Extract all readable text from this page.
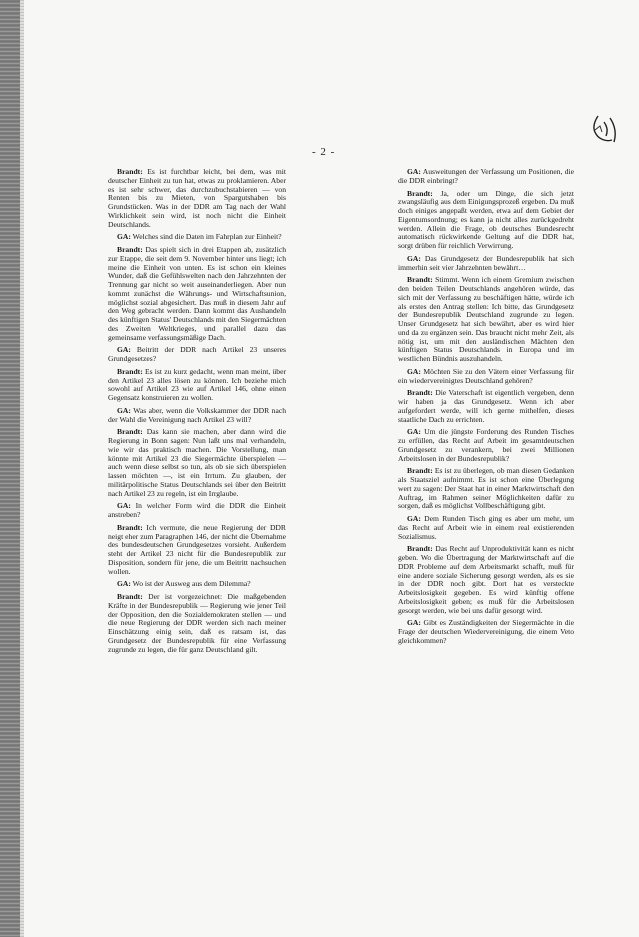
- 2 -

Brandt: Es ist furchtbar leicht, bei dem, was mit deutscher Einheit zu tun hat, etwas zu proklamieren. Aber es ist sehr schwer, das durchzubuchstabieren — von Renten bis zu Mieten, von Spargutshaben bis Grundstücken. Was in der DDR am Tag nach der Wahl Wirklichkeit sein wird, ist noch nicht die Einheit Deutschlands.

GA: Welches sind die Daten im Fahrplan zur Einheit?

Brandt: Das spielt sich in drei Etappen ab, zusätzlich zur Etappe, die seit dem 9. November hinter uns liegt; ich meine die Einheit von unten. Es ist schon ein kleines Wunder, daß die Gefühlswelten nach den Jahrzehnten der Trennung gar nicht so weit auseinanderliegen. Aber nun kommt zunächst die Währungs- und Wirtschaftsunion, möglichst sozial abgesichert. Das muß in diesem Jahr auf den Weg gebracht werden. Dann kommt das Aushandeln des künftigen Status' Deutschlands mit den Siegermächten des Zweiten Weltkrieges, und parallel dazu das gemeinsame verfassungsmäßige Dach.

GA: Beitritt der DDR nach Artikel 23 unseres Grundgesetzes?

Brandt: Es ist zu kurz gedacht, wenn man meint, über den Artikel 23 alles lösen zu können. Ich beziehe mich sowohl auf Artikel 23 wie auf Artikel 146, ohne einen Gegensatz konstruieren zu wollen.

GA: Was aber, wenn die Volkskammer der DDR nach der Wahl die Vereinigung nach Artikel 23 will?

Brandt: Das kann sie machen, aber dann wird die Regierung in Bonn sagen: Nun laßt uns mal verhandeln, wie wir das praktisch machen. Die Vorstellung, man könnte mit Artikel 23 die Siegermächte überspielen — auch wenn diese selbst so tun, als ob sie sich überspielen lassen möchten —, ist ein Irrtum. Zu glauben, der militärpolitische Status Deutschlands sei über den Beitritt nach Artikel 23 zu regeln, ist ein Irrglaube.

GA: In welcher Form wird die DDR die Einheit anstreben?

Brandt: Ich vermute, die neue Regierung der DDR neigt eher zum Paragraphen 146, der nicht die Übernahme des bundesdeutschen Grundgesetzes vorsieht. Außerdem steht der Artikel 23 nicht für die Bundesrepublik zur Disposition, sondern für jene, die um Beitritt nachsuchen wollen.

GA: Wo ist der Ausweg aus dem Dilemma?

Brandt: Der ist vorgezeichnet: Die maßgebenden Kräfte in der Bundesrepublik — Regierung wie jener Teil der Opposition, den die Sozialdemokraten stellen — und die neue Regierung der DDR werden sich nach meiner Einschätzung einig sein, daß es ratsam ist, das Grundgesetz der Bundesrepublik für eine Verfassung zugrunde zu legen, die für ganz Deutschland gilt.

GA: Ausweitungen der Verfassung um Positionen, die die DDR einbringt?

Brandt: Ja, oder um Dinge, die sich jetzt zwangsläufig aus dem Einigungsprozeß ergeben. Da muß doch einiges angepaßt werden, etwa auf dem Gebiet der Eigentumsordnung; es kann ja nicht alles zurückgedreht werden. Allein die Frage, ob deutsches Bundesrecht automatisch rückwirkende Geltung auf die DDR hat, sorgt drüben für reichlich Verwirrung.

GA: Das Grundgesetz der Bundesrepublik hat sich immerhin seit vier Jahrzehnten bewährt…

Brandt: Stimmt. Wenn ich einem Gremium zwischen den beiden Teilen Deutschlands angehören würde, das sich mit der Verfassung zu beschäftigen hätte, würde ich als erstes den Antrag stellen: Ich bitte, das Grundgesetz der Bundesrepublik Deutschland zugrunde zu legen. Unser Grundgesetz hat sich bewährt, aber es wird hier und da zu ergänzen sein. Das braucht nicht mehr Zeit, als nötig ist, um mit den ausländischen Mächten den künftigen Status Deutschlands in Europa und im westlichen Bündnis auszuhandeln.

GA: Möchten Sie zu den Vätern einer Verfassung für ein wiedervereinigtes Deutschland gehören?

Brandt: Die Vaterschaft ist eigentlich vergeben, denn wir haben ja das Grundgesetz. Wenn ich aber aufgefordert werde, will ich gerne mithelfen, dieses staatliche Dach zu errichten.

GA: Um die jüngste Forderung des Runden Tisches zu erfüllen, das Recht auf Arbeit im gesamtdeutschen Grundgesetz zu verankern, bei zwei Millionen Arbeitslosen in der Bundesrepublik?

Brandt: Es ist zu überlegen, ob man diesen Gedanken als Staatsziel aufnimmt. Es ist schon eine Überlegung wert zu sagen: Der Staat hat in einer Marktwirtschaft den Auftrag, im Rahmen seiner Möglichkeiten dafür zu sorgen, daß es möglichst Vollbeschäftigung gibt.

GA: Dem Runden Tisch ging es aber um mehr, um das Recht auf Arbeit wie in einem real existierenden Sozialismus.

Brandt: Das Recht auf Unproduktivität kann es nicht geben. Wo die Übertragung der Marktwirtschaft auf die DDR Probleme auf dem Arbeitsmarkt schafft, muß für eine andere soziale Sicherung gesorgt werden, als es sie in der DDR noch gibt. Dort hat es versteckte Arbeitslosigkeit gegeben. Es wird künftig offene Arbeitslosigkeit geben; es muß für die Arbeitslosen gesorgt werden, wie bei uns dafür gesorgt wird.

GA: Gibt es Zuständigkeiten der Siegermächte in die Frage der deutschen Wiedervereinigung, die einem Veto gleichkommen?
